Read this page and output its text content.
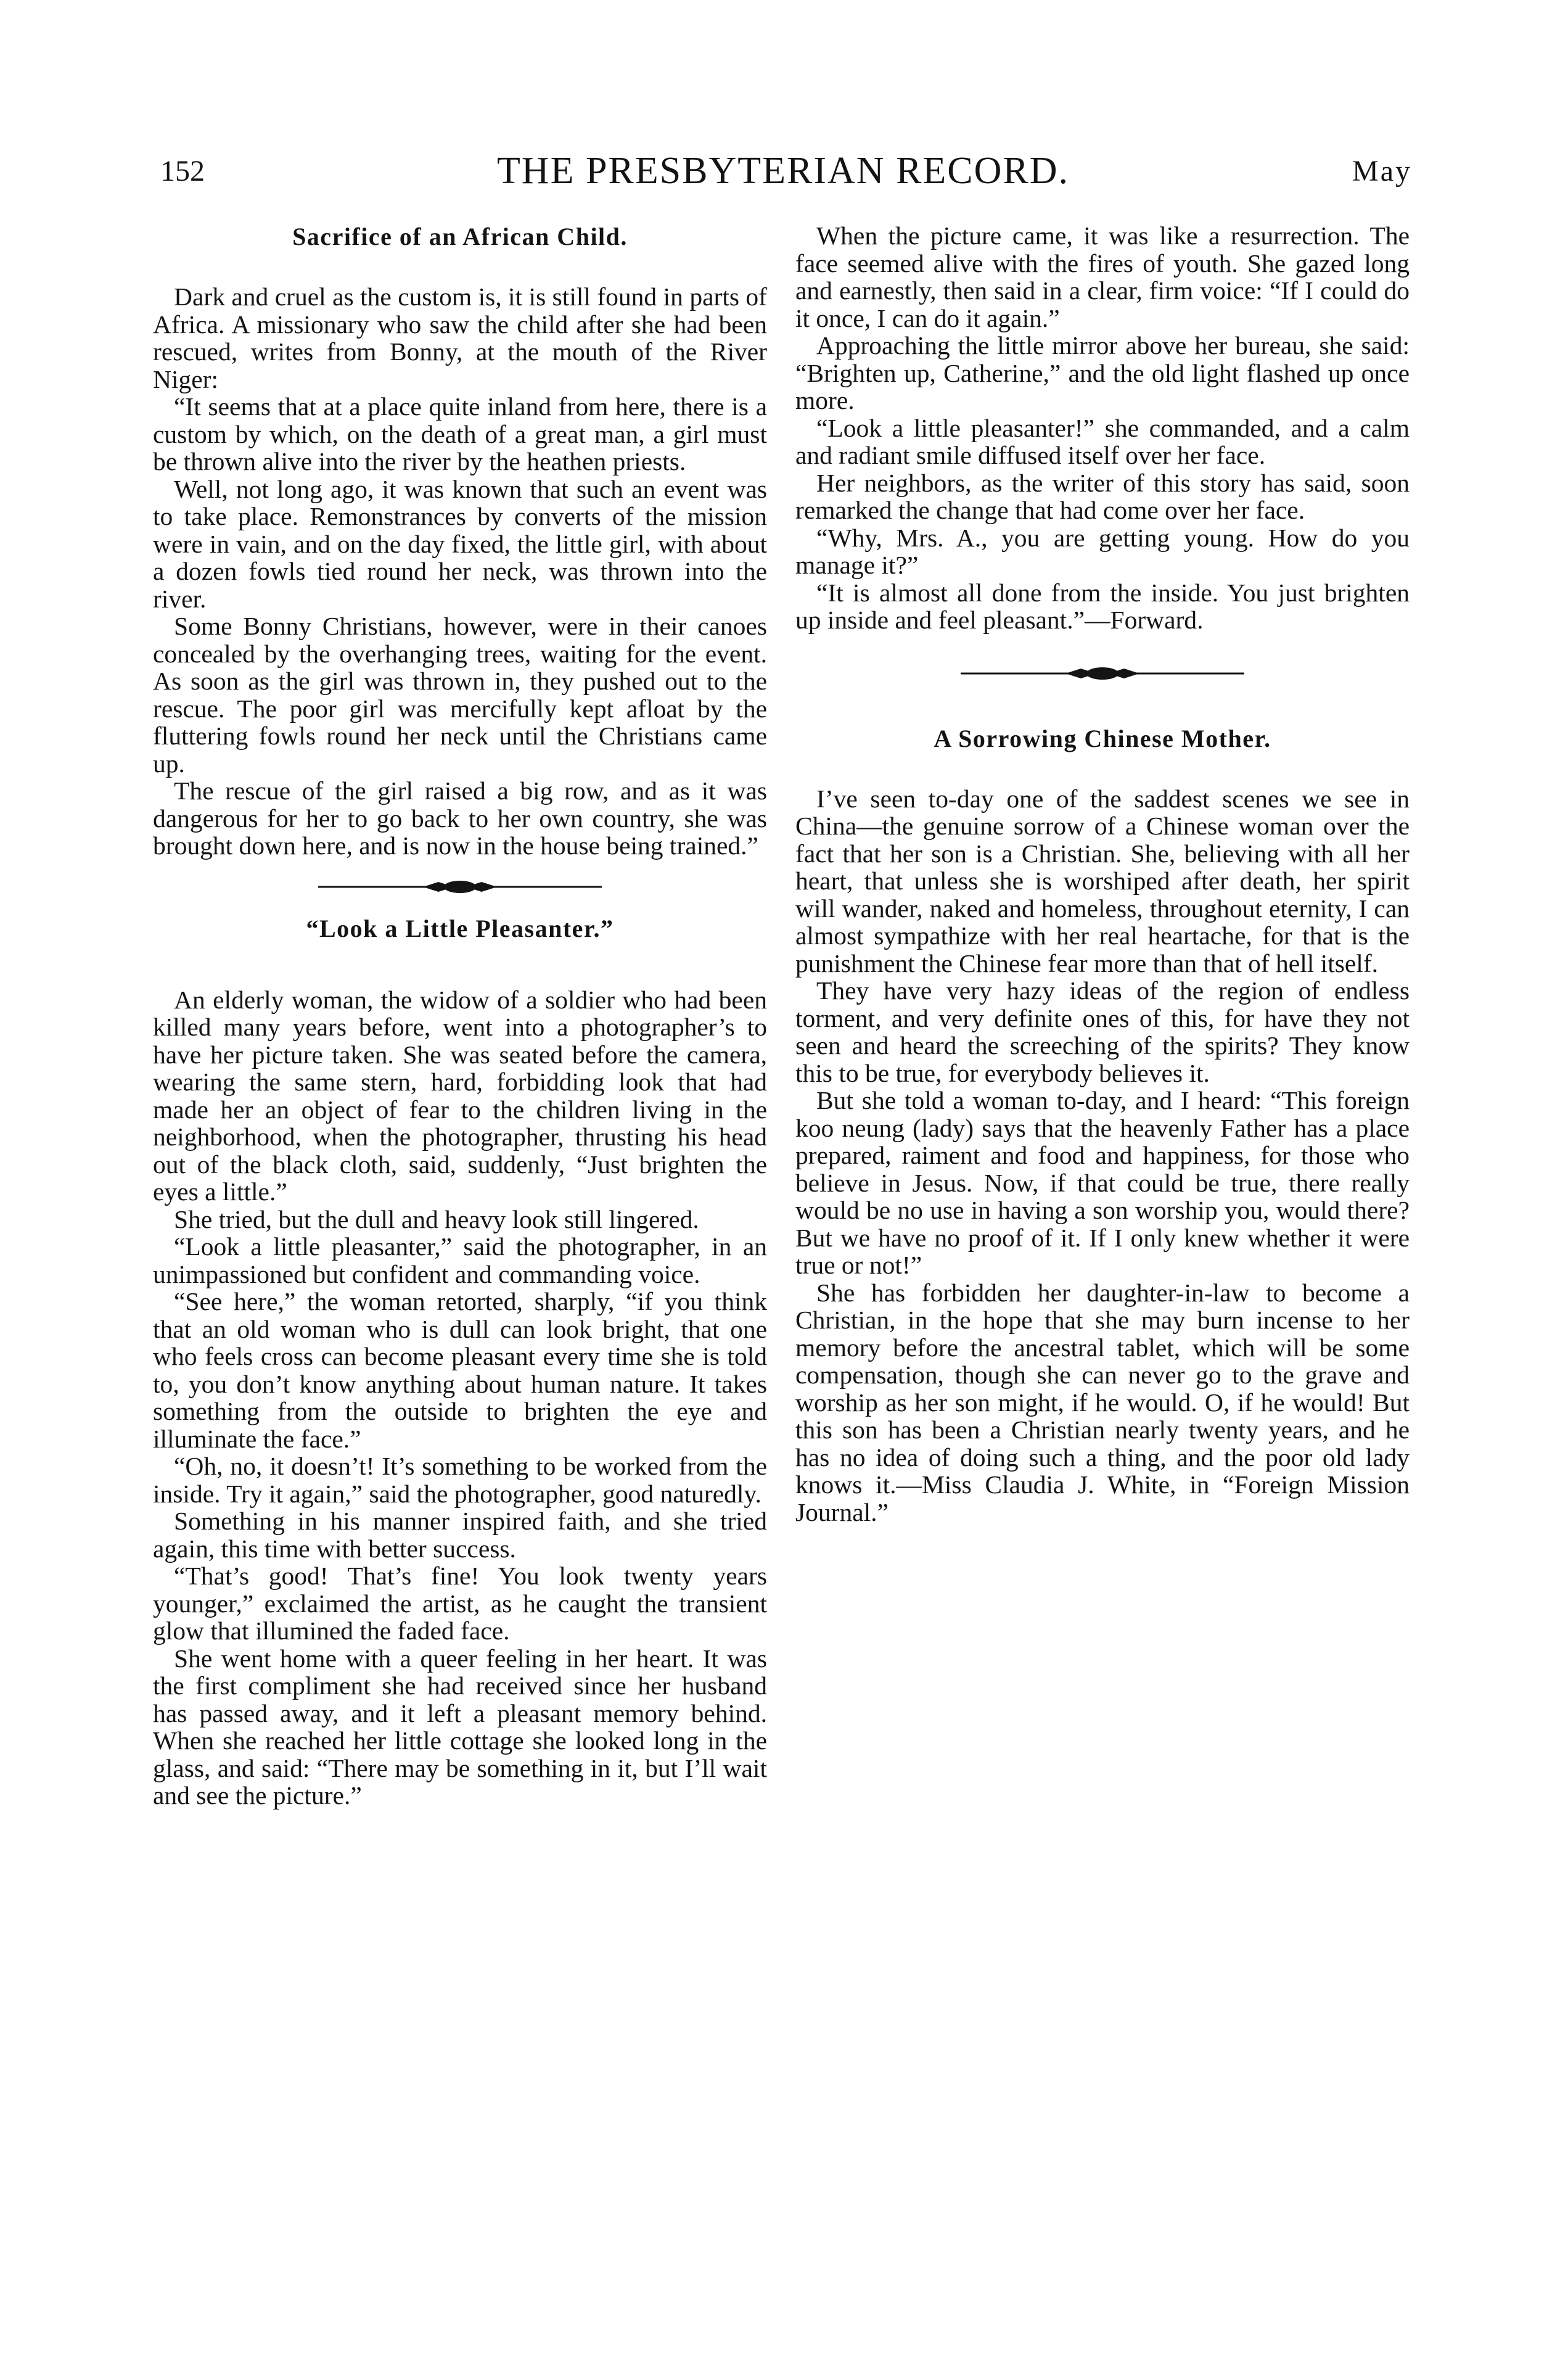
152	THE PRESBYTERIAN RECORD.	May
Sacrifice of an African Child.

Dark and cruel as the custom is, it is still found in parts of Africa. A missionary who saw the child after she had been rescued, writes from Bonny, at the mouth of the River Niger:

“It seems that at a place quite inland from here, there is a custom by which, on the death of a great man, a girl must be thrown alive into the river by the heathen priests.

Well, not long ago, it was known that such an event was to take place. Remonstrances by converts of the mission were in vain, and on the day fixed, the little girl, with about a dozen fowls tied round her neck, was thrown into the river.

Some Bonny Christians, however, were in their canoes concealed by the overhanging trees, waiting for the event. As soon as the girl was thrown in, they pushed out to the rescue. The poor girl was mercifully kept afloat by the fluttering fowls round her neck until the Christians came up.

The rescue of the girl raised a big row, and as it was dangerous for her to go back to her own country, she was brought down here, and is now in the house being trained.”

“Look a Little Pleasanter.”

An elderly woman, the widow of a soldier who had been killed many years before, went into a photographer’s to have her picture taken. She was seated before the camera, wearing the same stern, hard, forbidding look that had made her an object of fear to the children living in the neighborhood, when the photographer, thrusting his head out of the black cloth, said, suddenly, “Just brighten the eyes a little.”

She tried, but the dull and heavy look still lingered.

“Look a little pleasanter,” said the photographer, in an unimpassioned but confident and commanding voice.

“See here,” the woman retorted, sharply, “if you think that an old woman who is dull can look bright, that one who feels cross can become pleasant every time she is told to, you don’t know anything about human nature. It takes something from the outside to brighten the eye and illuminate the face.”

“Oh, no, it doesn’t! It’s something to be worked from the inside. Try it again,” said the photographer, good naturedly.

Something in his manner inspired faith, and she tried again, this time with better success.

“That’s good! That’s fine! You look twenty years younger,” exclaimed the artist, as he caught the transient glow that illumined the faded face.

She went home with a queer feeling in her heart. It was the first compliment she had received since her husband has passed away, and it left a pleasant memory behind. When she reached her little cottage she looked long in the glass, and said: “There may be something in it, but I’ll wait and see the picture.”

When the picture came, it was like a resurrection. The face seemed alive with the fires of youth. She gazed long and earnestly, then said in a clear, firm voice: “If I could do it once, I can do it again.”

Approaching the little mirror above her bureau, she said: “Brighten up, Catherine,” and the old light flashed up once more.

“Look a little pleasanter!” she commanded, and a calm and radiant smile diffused itself over her face.

Her neighbors, as the writer of this story has said, soon remarked the change that had come over her face.

“Why, Mrs. A., you are getting young. How do you manage it?”

“It is almost all done from the inside. You just brighten up inside and feel pleasant.”—Forward.

A Sorrowing Chinese Mother.

I’ve seen to-day one of the saddest scenes we see in China—the genuine sorrow of a Chinese woman over the fact that her son is a Christian. She, believing with all her heart, that unless she is worshiped after death, her spirit will wander, naked and homeless, throughout eternity, I can almost sympathize with her real heartache, for that is the punishment the Chinese fear more than that of hell itself.

They have very hazy ideas of the region of endless torment, and very definite ones of this, for have they not seen and heard the screeching of the spirits? They know this to be true, for everybody believes it.

But she told a woman to-day, and I heard: “This foreign koo neung (lady) says that the heavenly Father has a place prepared, raiment and food and happiness, for those who believe in Jesus. Now, if that could be true, there really would be no use in having a son worship you, would there? But we have no proof of it. If I only knew whether it were true or not!”

She has forbidden her daughter-in-law to become a Christian, in the hope that she may burn incense to her memory before the ancestral tablet, which will be some compensation, though she can never go to the grave and worship as her son might, if he would. O, if he would! But this son has been a Christian nearly twenty years, and he has no idea of doing such a thing, and the poor old lady knows it.—Miss Claudia J. White, in “Foreign Mission Journal.”
